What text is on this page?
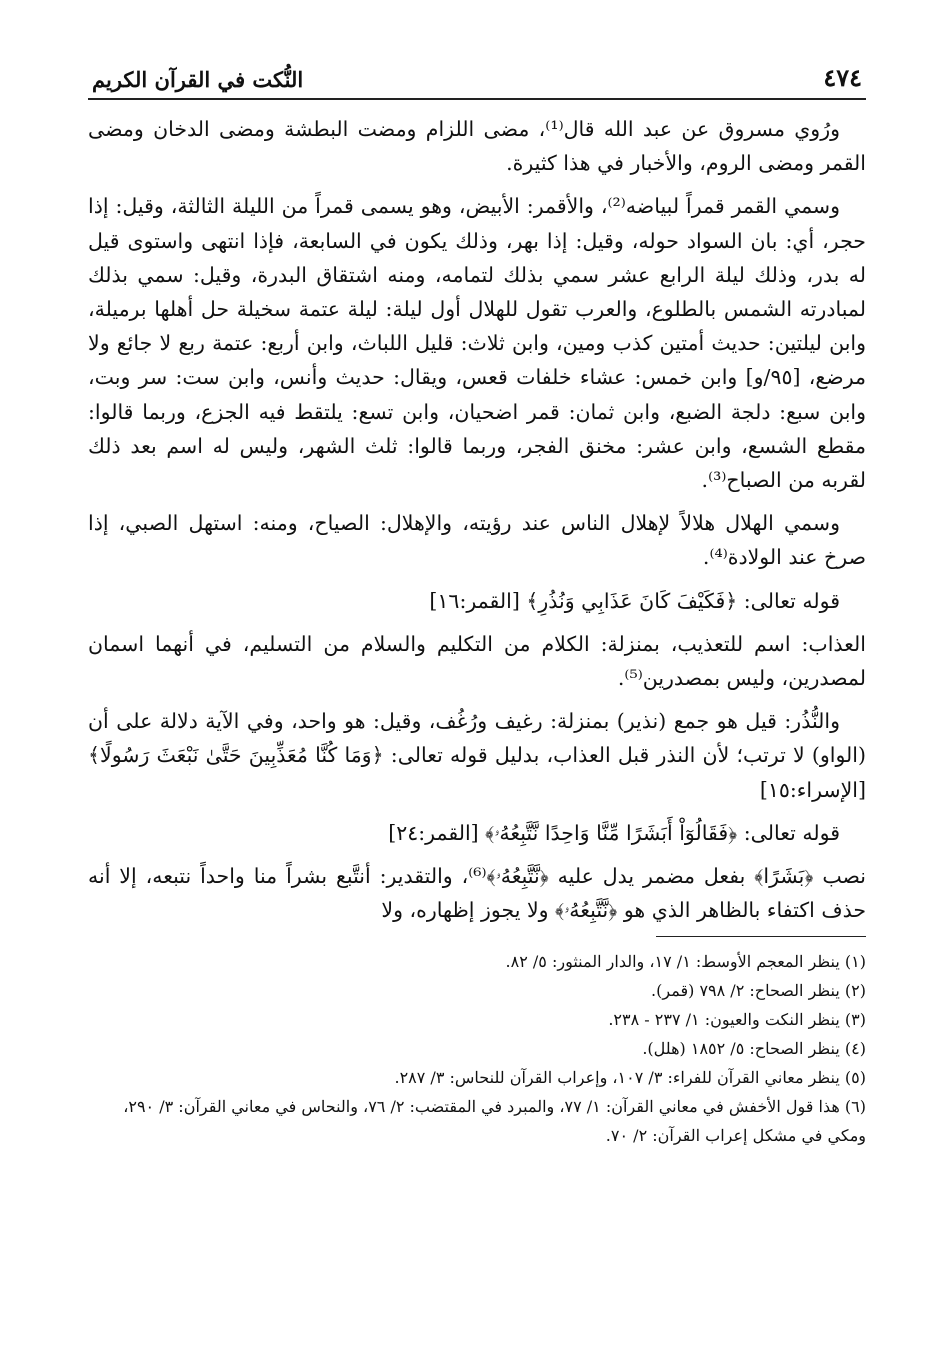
٤٧٤
النُّكت في القرآن الكريم

ورُوي مسروق عن عبد الله قال⁽¹⁾، مضى اللزام ومضت البطشة ومضى الدخان ومضى القمر ومضى الروم، والأخبار في هذا كثيرة.

وسمي القمر قمراً لبياضه⁽²⁾، والأقمر: الأبيض، وهو يسمى قمراً من الليلة الثالثة، وقيل: إذا حجر، أي: بان السواد حوله، وقيل: إذا بهر، وذلك يكون في السابعة، فإذا انتهى واستوى قيل له بدر، وذلك ليلة الرابع عشر سمي بذلك لتمامه، ومنه اشتقاق البدرة، وقيل: سمي بذلك لمبادرته الشمس بالطلوع، والعرب تقول للهلال أول ليلة: ليلة عتمة سخيلة حل أهلها برميلة، وابن ليلتين: حديث أمتين كذب ومين، وابن ثلاث: قليل اللباث، وابن أربع: عتمة ربع لا جائع ولا مرضع، [٩٥/و] وابن خمس: عشاء خلفات قعس، ويقال: حديث وأنس، وابن ست: سر وبت، وابن سبع: دلجة الضبع، وابن ثمان: قمر اضحيان، وابن تسع: يلتقط فيه الجزع، وربما قالوا: مقطع الشسع، وابن عشر: مخنق الفجر، وربما قالوا: ثلث الشهر، وليس له اسم بعد ذلك لقربه من الصباح⁽³⁾.

وسمي الهلال هلالاً لإهلال الناس عند رؤيته، والإهلال: الصياح، ومنه: استهل الصبي، إذا صرخ عند الولادة⁽⁴⁾.

قوله تعالى: ﴿فَكَيْفَ كَانَ عَذَابِي وَنُذُرِ﴾ [القمر:١٦]

العذاب: اسم للتعذيب، بمنزلة: الكلام من التكليم والسلام من التسليم، في أنهما اسمان لمصدرين، وليس بمصدرين⁽⁵⁾.

والنُّذُر: قيل هو جمع (نذير) بمنزلة: رغيف ورُغُف، وقيل: هو واحد، وفي الآية دلالة على أن (الواو) لا ترتب؛ لأن النذر قبل العذاب، بدليل قوله تعالى: ﴿وَمَا كُنَّا مُعَذِّبِينَ حَتَّىٰ نَبْعَثَ رَسُولًا﴾ [الإسراء:١٥]

قوله تعالى: ﴿فَقَالُوٓاْ أَبَشَرًا مِّنَّا وَاحِدًا نَّتَّبِعُهُۥ﴾ [القمر:٢٤]

نصب ﴿بَشَرًا﴾ بفعل مضمر يدل عليه ﴿نَّتَّبِعُهُۥ﴾⁽⁶⁾، والتقدير: أنتَّبع بشراً منا واحداً نتبعه، إلا أنه حذف اكتفاء بالظاهر الذي هو ﴿نَّتَّبِعُهُۥ﴾ ولا يجوز إظهاره، ولا

(١) ينظر المعجم الأوسط: ١/ ١٧، والدار المنثور: ٥/ ٨٢.
(٢) ينظر الصحاح: ٢/ ٧٩٨ (قمر).
(٣) ينظر النكت والعيون: ١/ ٢٣٧ - ٢٣٨.
(٤) ينظر الصحاح: ٥/ ١٨٥٢ (هلل).
(٥) ينظر معاني القرآن للفراء: ٣/ ١٠٧، وإعراب القرآن للنحاس: ٣/ ٢٨٧.
(٦) هذا قول الأخفش في معاني القرآن: ١/ ٧٧، والمبرد في المقتضب: ٢/ ٧٦، والنحاس في معاني القرآن: ٣/ ٢٩٠، ومكي في مشكل إعراب القرآن: ٢/ ٧٠.
